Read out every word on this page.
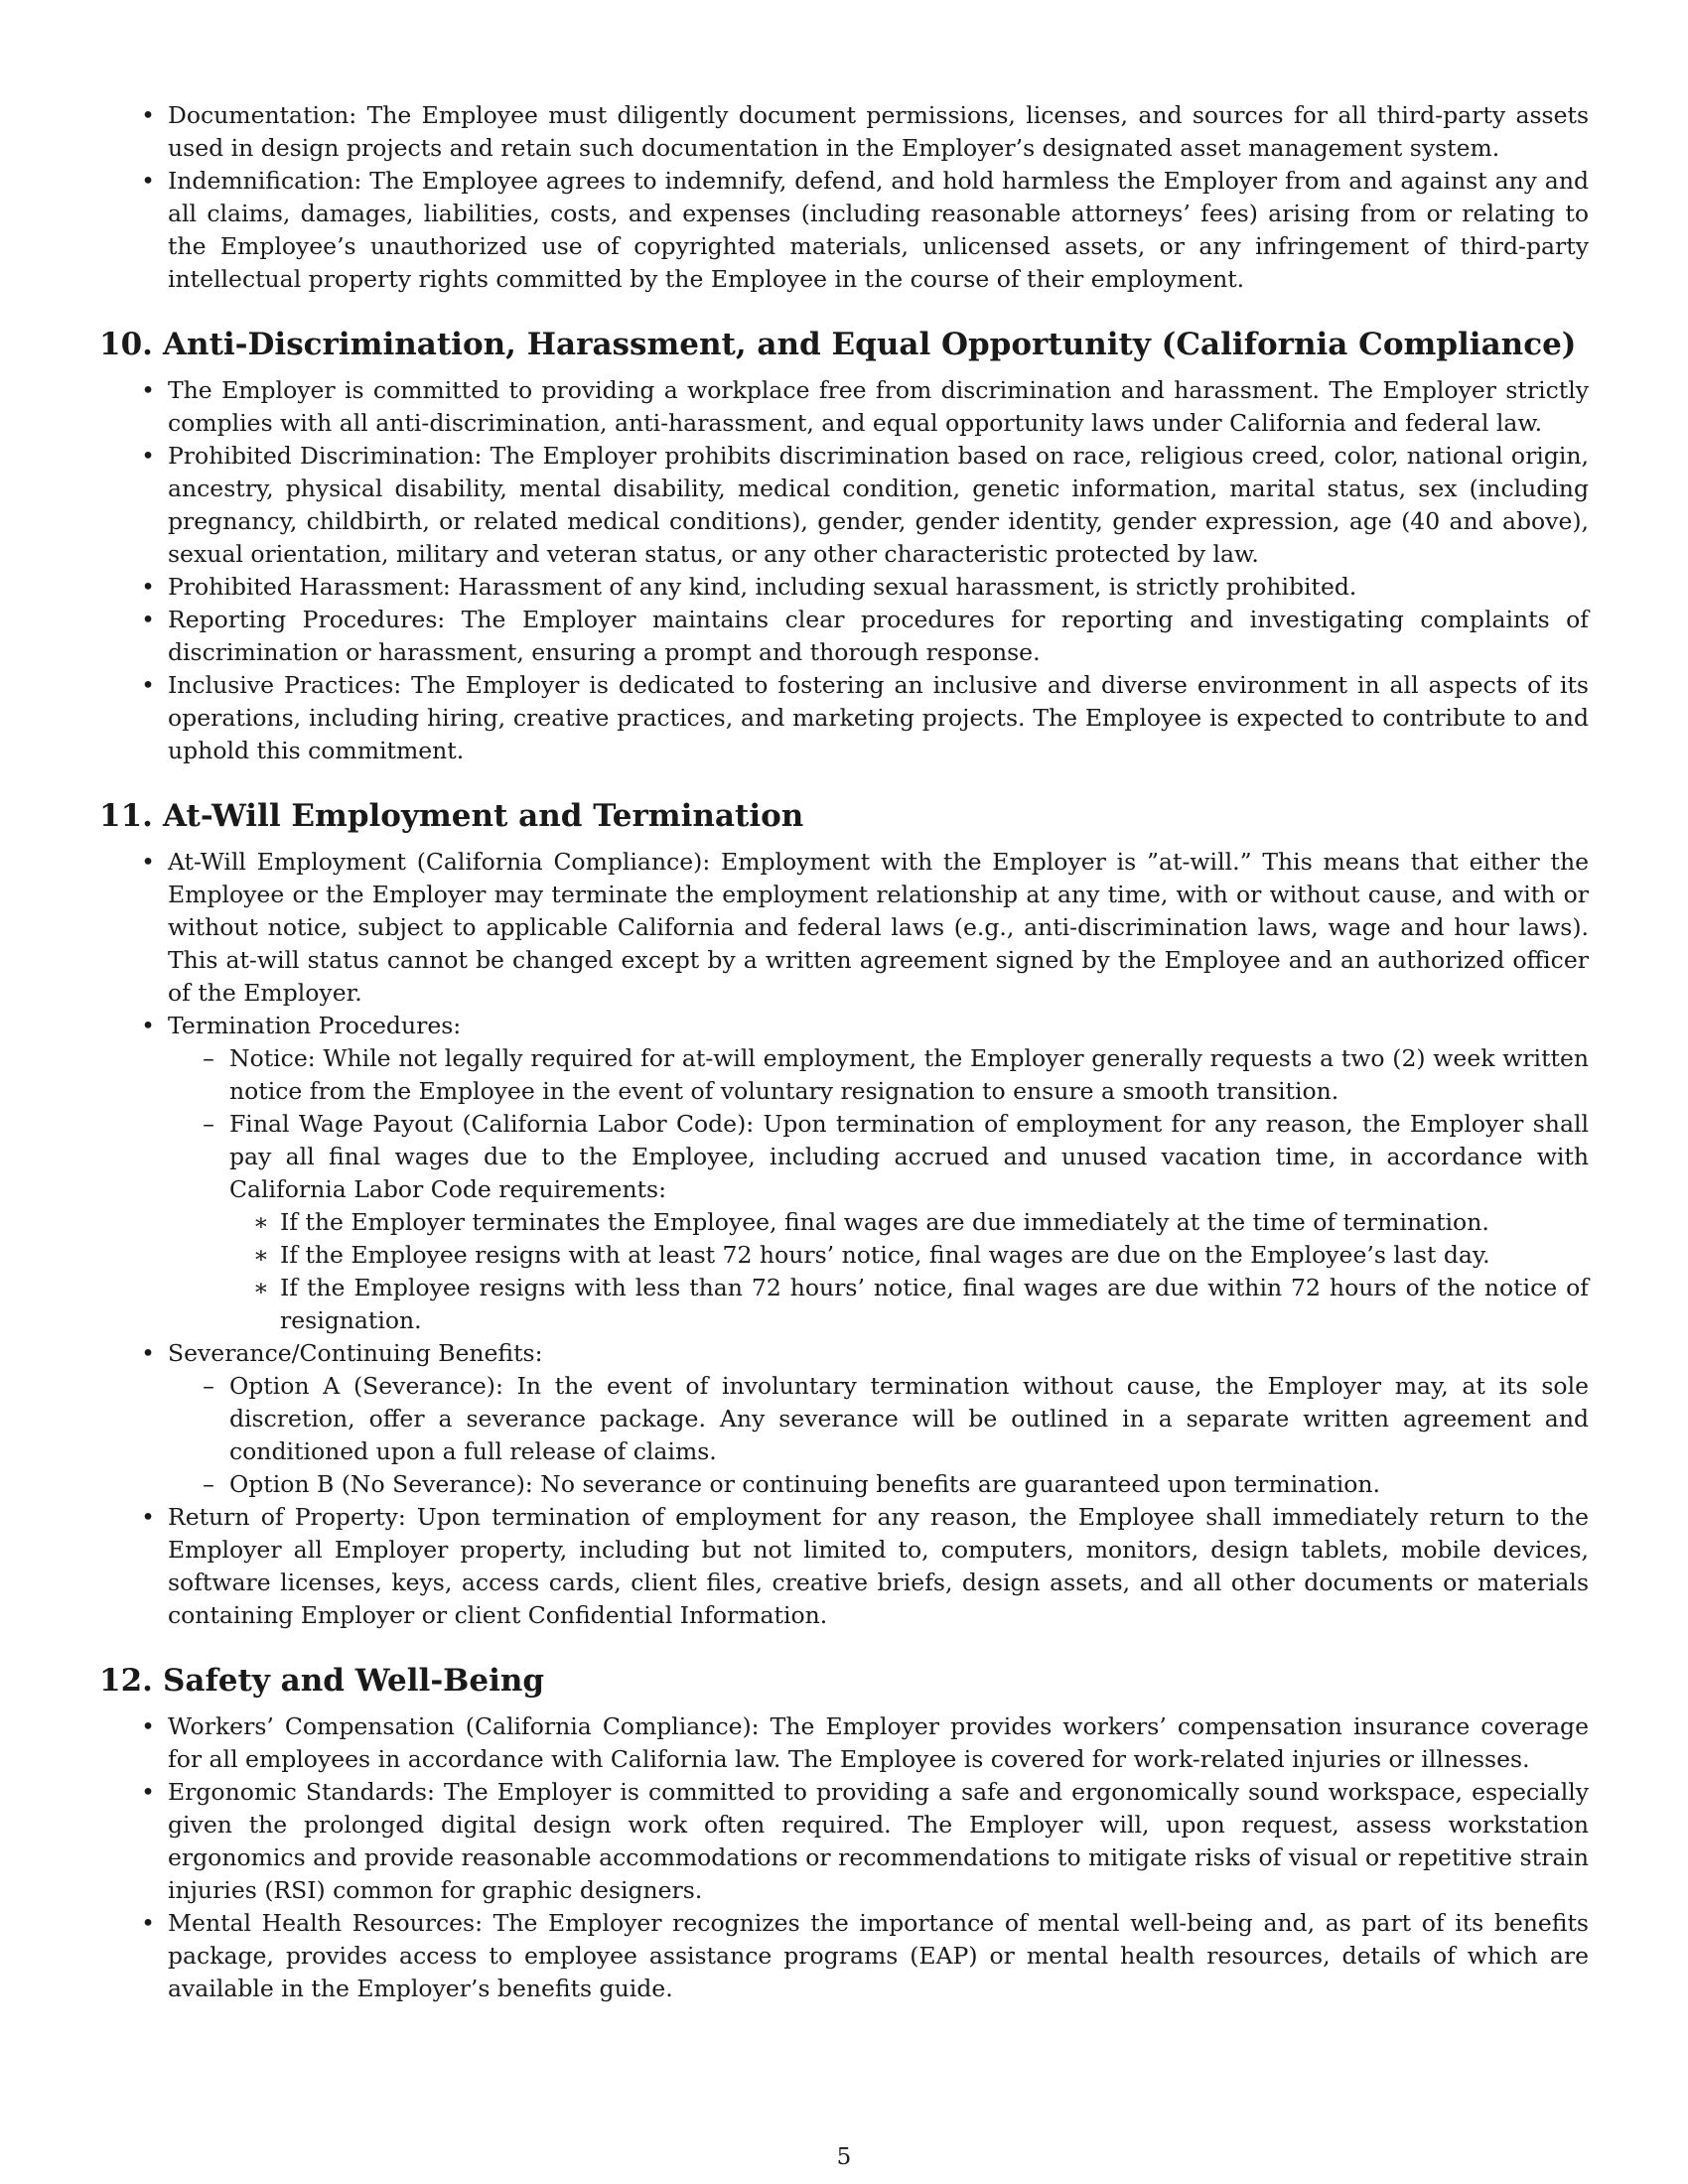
• Documentation: The Employee must diligently document permissions, licenses, and sources for all third-party assets used in design projects and retain such documentation in the Employer’s designated asset management system.
• Indemnification: The Employee agrees to indemnify, defend, and hold harmless the Employer from and against any and all claims, damages, liabilities, costs, and expenses (including reasonable attorneys’ fees) arising from or relating to the Employee’s unauthorized use of copyrighted materials, unlicensed assets, or any infringement of third-party intellectual property rights committed by the Employee in the course of their employment.
10. Anti-Discrimination, Harassment, and Equal Opportunity (California Compliance)
• The Employer is committed to providing a workplace free from discrimination and harassment. The Employer strictly complies with all anti-discrimination, anti-harassment, and equal opportunity laws under California and federal law.
• Prohibited Discrimination: The Employer prohibits discrimination based on race, religious creed, color, national origin, ancestry, physical disability, mental disability, medical condition, genetic information, marital status, sex (including pregnancy, childbirth, or related medical conditions), gender, gender identity, gender expression, age (40 and above), sexual orientation, military and veteran status, or any other characteristic protected by law.
• Prohibited Harassment: Harassment of any kind, including sexual harassment, is strictly prohibited.
• Reporting Procedures: The Employer maintains clear procedures for reporting and investigating complaints of discrimination or harassment, ensuring a prompt and thorough response.
• Inclusive Practices: The Employer is dedicated to fostering an inclusive and diverse environment in all aspects of its operations, including hiring, creative practices, and marketing projects. The Employee is expected to contribute to and uphold this commitment.
11. At-Will Employment and Termination
• At-Will Employment (California Compliance): Employment with the Employer is ”at-will.” This means that either the Employee or the Employer may terminate the employment relationship at any time, with or without cause, and with or without notice, subject to applicable California and federal laws (e.g., anti-discrimination laws, wage and hour laws). This at-will status cannot be changed except by a written agreement signed by the Employee and an authorized officer of the Employer.
• Termination Procedures:
– Notice: While not legally required for at-will employment, the Employer generally requests a two (2) week written notice from the Employee in the event of voluntary resignation to ensure a smooth transition.
– Final Wage Payout (California Labor Code): Upon termination of employment for any reason, the Employer shall pay all final wages due to the Employee, including accrued and unused vacation time, in accordance with California Labor Code requirements:
∗ If the Employer terminates the Employee, final wages are due immediately at the time of termination.
∗ If the Employee resigns with at least 72 hours’ notice, final wages are due on the Employee’s last day.
∗ If the Employee resigns with less than 72 hours’ notice, final wages are due within 72 hours of the notice of resignation.
• Severance/Continuing Benefits:
– Option A (Severance): In the event of involuntary termination without cause, the Employer may, at its sole discretion, offer a severance package. Any severance will be outlined in a separate written agreement and conditioned upon a full release of claims.
– Option B (No Severance): No severance or continuing benefits are guaranteed upon termination.
• Return of Property: Upon termination of employment for any reason, the Employee shall immediately return to the Employer all Employer property, including but not limited to, computers, monitors, design tablets, mobile devices, software licenses, keys, access cards, client files, creative briefs, design assets, and all other documents or materials containing Employer or client Confidential Information.
12. Safety and Well-Being
• Workers’ Compensation (California Compliance): The Employer provides workers’ compensation insurance coverage for all employees in accordance with California law. The Employee is covered for work-related injuries or illnesses.
• Ergonomic Standards: The Employer is committed to providing a safe and ergonomically sound workspace, especially given the prolonged digital design work often required. The Employer will, upon request, assess workstation ergonomics and provide reasonable accommodations or recommendations to mitigate risks of visual or repetitive strain injuries (RSI) common for graphic designers.
• Mental Health Resources: The Employer recognizes the importance of mental well-being and, as part of its benefits package, provides access to employee assistance programs (EAP) or mental health resources, details of which are available in the Employer’s benefits guide.
5
